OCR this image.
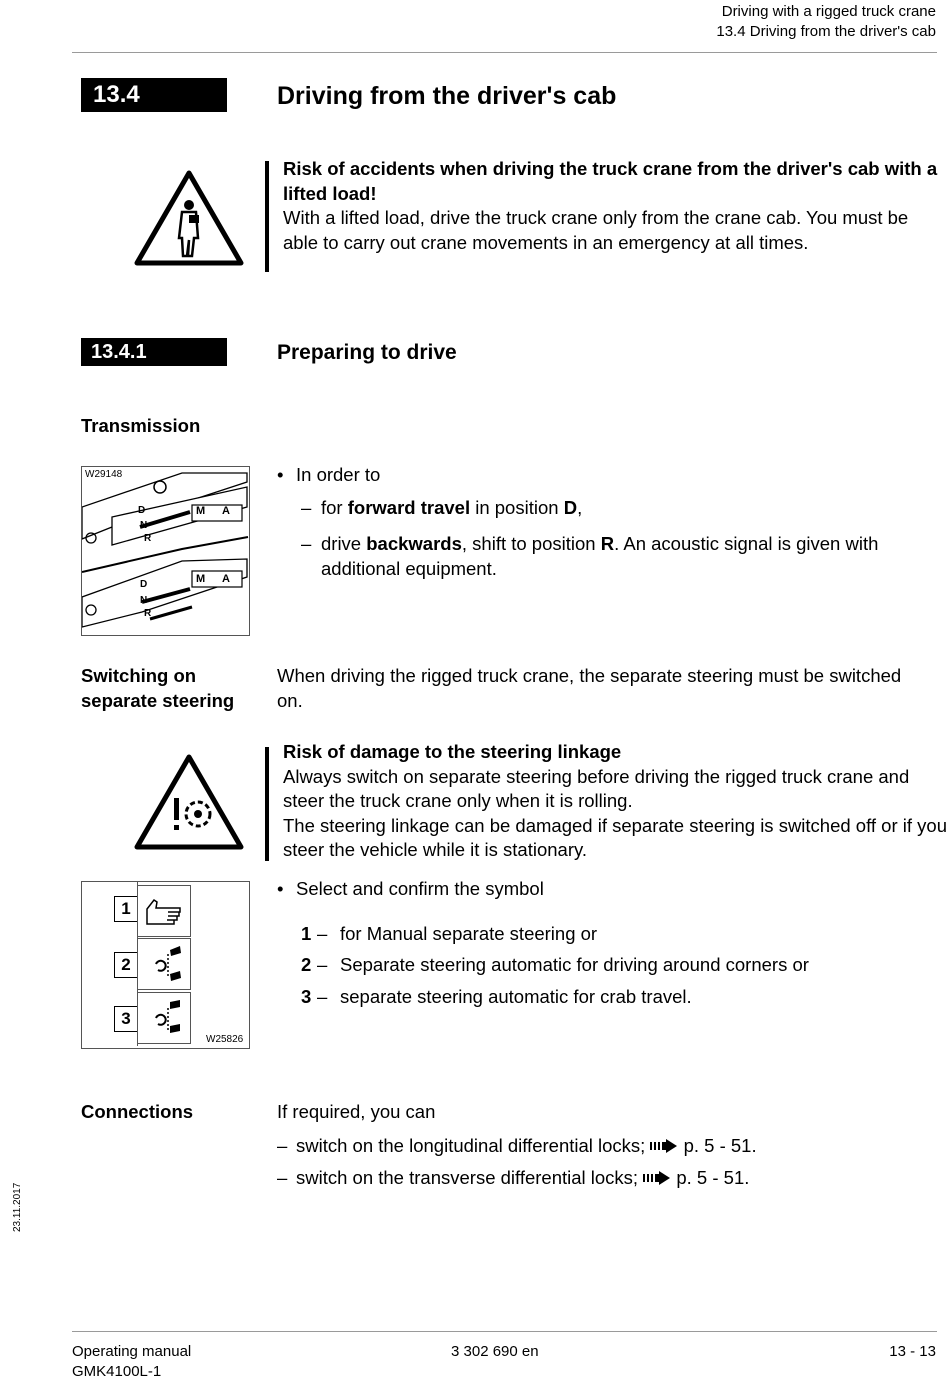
Driving with a rigged truck crane
13.4 Driving from the driver's cab
13.4	Driving from the driver's cab
Risk of accidents when driving the truck crane from the driver's cab with a lifted load!
With a lifted load, drive the truck crane only from the crane cab. You must be able to carry out crane movements in an emergency at all times.
13.4.1	Preparing to drive
Transmission
W29148
D
N
R
M A
D
N
R
M A
• In order to
– for forward travel in position D,
– drive backwards, shift to position R. An acoustic signal is given with additional equipment.
Switching on separate steering
When driving the rigged truck crane, the separate steering must be switched on.
Risk of damage to the steering linkage
Always switch on separate steering before driving the rigged truck crane and steer the truck crane only when it is rolling.
The steering linkage can be damaged if separate steering is switched off or if you steer the vehicle while it is stationary.
1
2
3
W25826
• Select and confirm the symbol
1 – for Manual separate steering or
2 – Separate steering automatic for driving around corners or
3 – separate steering automatic for crab travel.
Connections	If required, you can
– switch on the longitudinal differential locks; p. 5 - 51.
– switch on the transverse differential locks; p. 5 - 51.
23.11.2017
Operating manual
GMK4100L-1
3 302 690 en	13 - 13
